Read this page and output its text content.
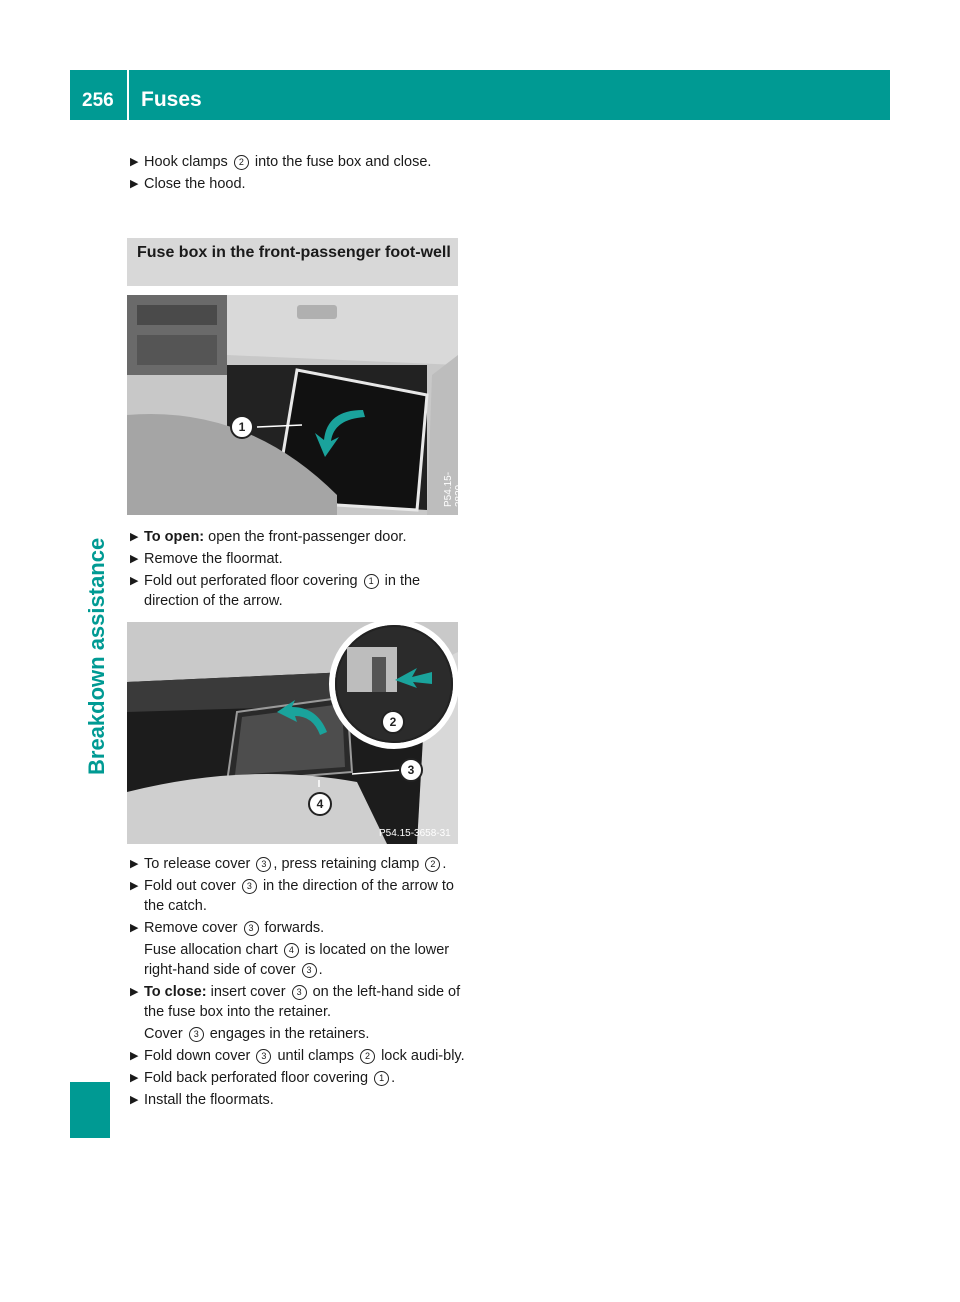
256 Fuses
Breakdown assistance
▶ Hook clamps 2 into the fuse box and close.
▶ Close the hood.
Fuse box in the front-passenger foot-well
1
P54.15-3829-31
▶ To open: open the front-passenger door.
▶ Remove the floormat.
▶ Fold out perforated floor covering 1 in the direction of the arrow.
2
3
4
P54.15-3658-31
▶ To release cover 3 , press retaining clamp 2 .
▶ Fold out cover 3 in the direction of the arrow to the catch.
▶ Remove cover 3 forwards.
Fuse allocation chart 4 is located on the lower right-hand side of cover 3 .
▶ To close: insert cover 3 on the left-hand side of the fuse box into the retainer.
Cover 3 engages in the retainers.
▶ Fold down cover 3 until clamps 2 lock audi-bly.
▶ Fold back perforated floor covering 1 .
▶ Install the floormats.
